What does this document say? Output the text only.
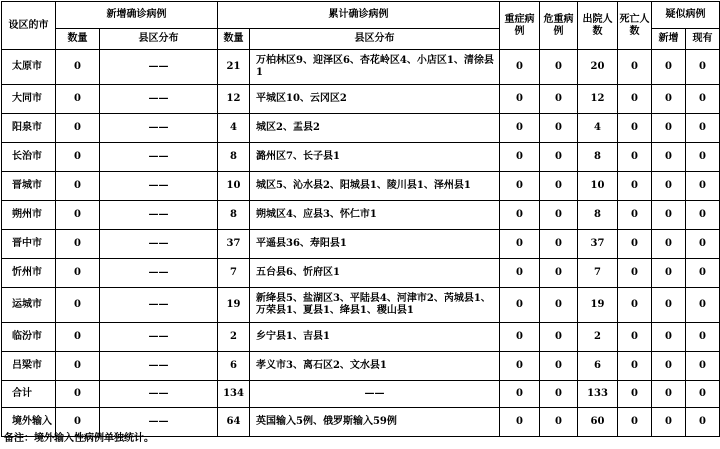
设区的市	新增确诊病例		累计确诊病例		重症病例	危重病例	出院人数	死亡人数	疑似病例	
	数量	县区分布	数量	县区分布					新增	现有
太原市	0	——	21	万柏林区9、迎泽区6、杏花岭区4、小店区1、清徐县1	0	0	20	0	0	0
大同市	0	——	12	平城区10、云冈区2	0	0	12	0	0	0
阳泉市	0	——	4	城区2、盂县2	0	0	4	0	0	0
长治市	0	——	8	潞州区7、长子县1	0	0	8	0	0	0
晋城市	0	——	10	城区5、沁水县2、阳城县1、陵川县1、泽州县1	0	0	10	0	0	0
朔州市	0	——	8	朔城区4、应县3、怀仁市1	0	0	8	0	0	0
晋中市	0	——	37	平遥县36、寿阳县1	0	0	37	0	0	0
忻州市	0	——	7	五台县6、忻府区1	0	0	7	0	0	0
运城市	0	——	19	新绛县5、盐湖区3、平陆县4、河津市2、芮城县1、万荣县1、夏县1、绛县1、稷山县1	0	0	19	0	0	0
临汾市	0	——	2	乡宁县1、吉县1	0	0	2	0	0	0
吕梁市	0	——	6	孝义市3、离石区2、文水县1	0	0	6	0	0	0
合计	0	——	134	——	0	0	133	0	0	0
境外输入	0	——	64	英国输入5例、俄罗斯输入59例	0	0	60	0	0	0
备注：境外输入性病例单独统计。
